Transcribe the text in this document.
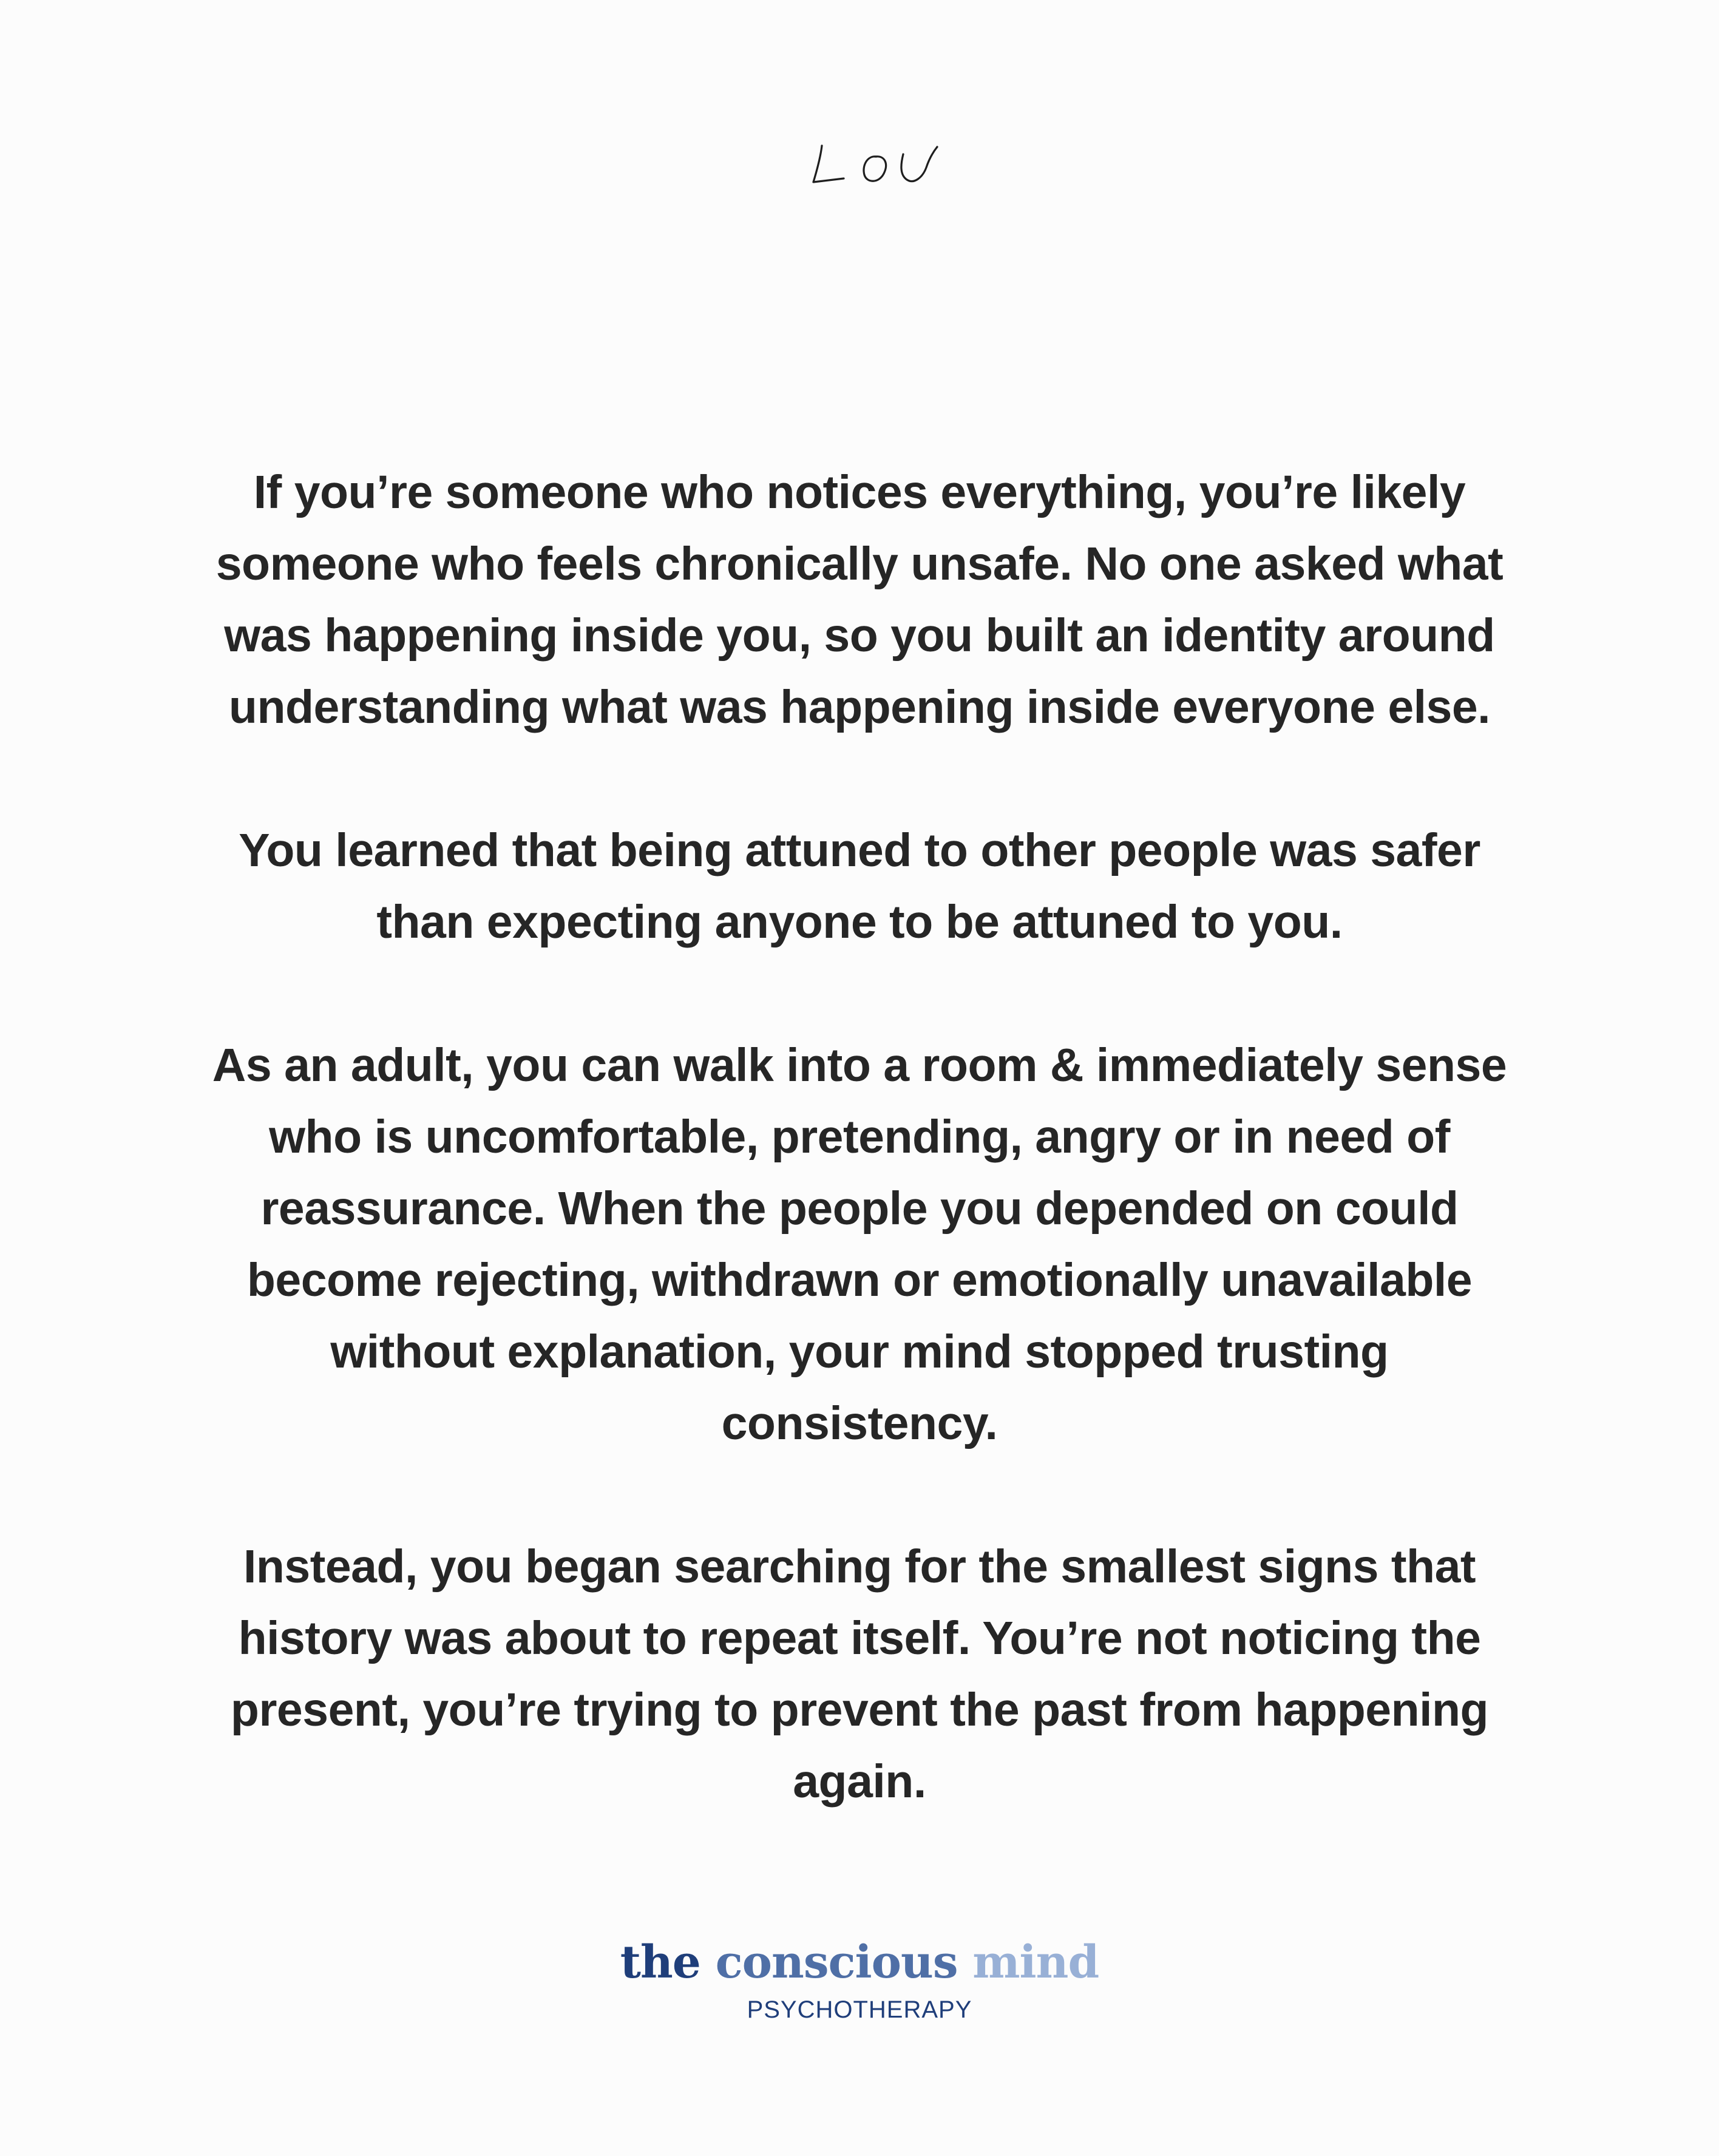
If you’re someone who notices everything, you’re likely
someone who feels chronically unsafe. No one asked what
was happening inside you, so you built an identity around
understanding what was happening inside everyone else.

You learned that being attuned to other people was safer
than expecting anyone to be attuned to you.

As an adult, you can walk into a room & immediately sense
who is uncomfortable, pretending, angry or in need of
reassurance. When the people you depended on could
become rejecting, withdrawn or emotionally unavailable
without explanation, your mind stopped trusting
consistency.

Instead, you began searching for the smallest signs that
history was about to repeat itself. You’re not noticing the
present, you’re trying to prevent the past from happening
again.

the conscious mind
PSYCHOTHERAPY
